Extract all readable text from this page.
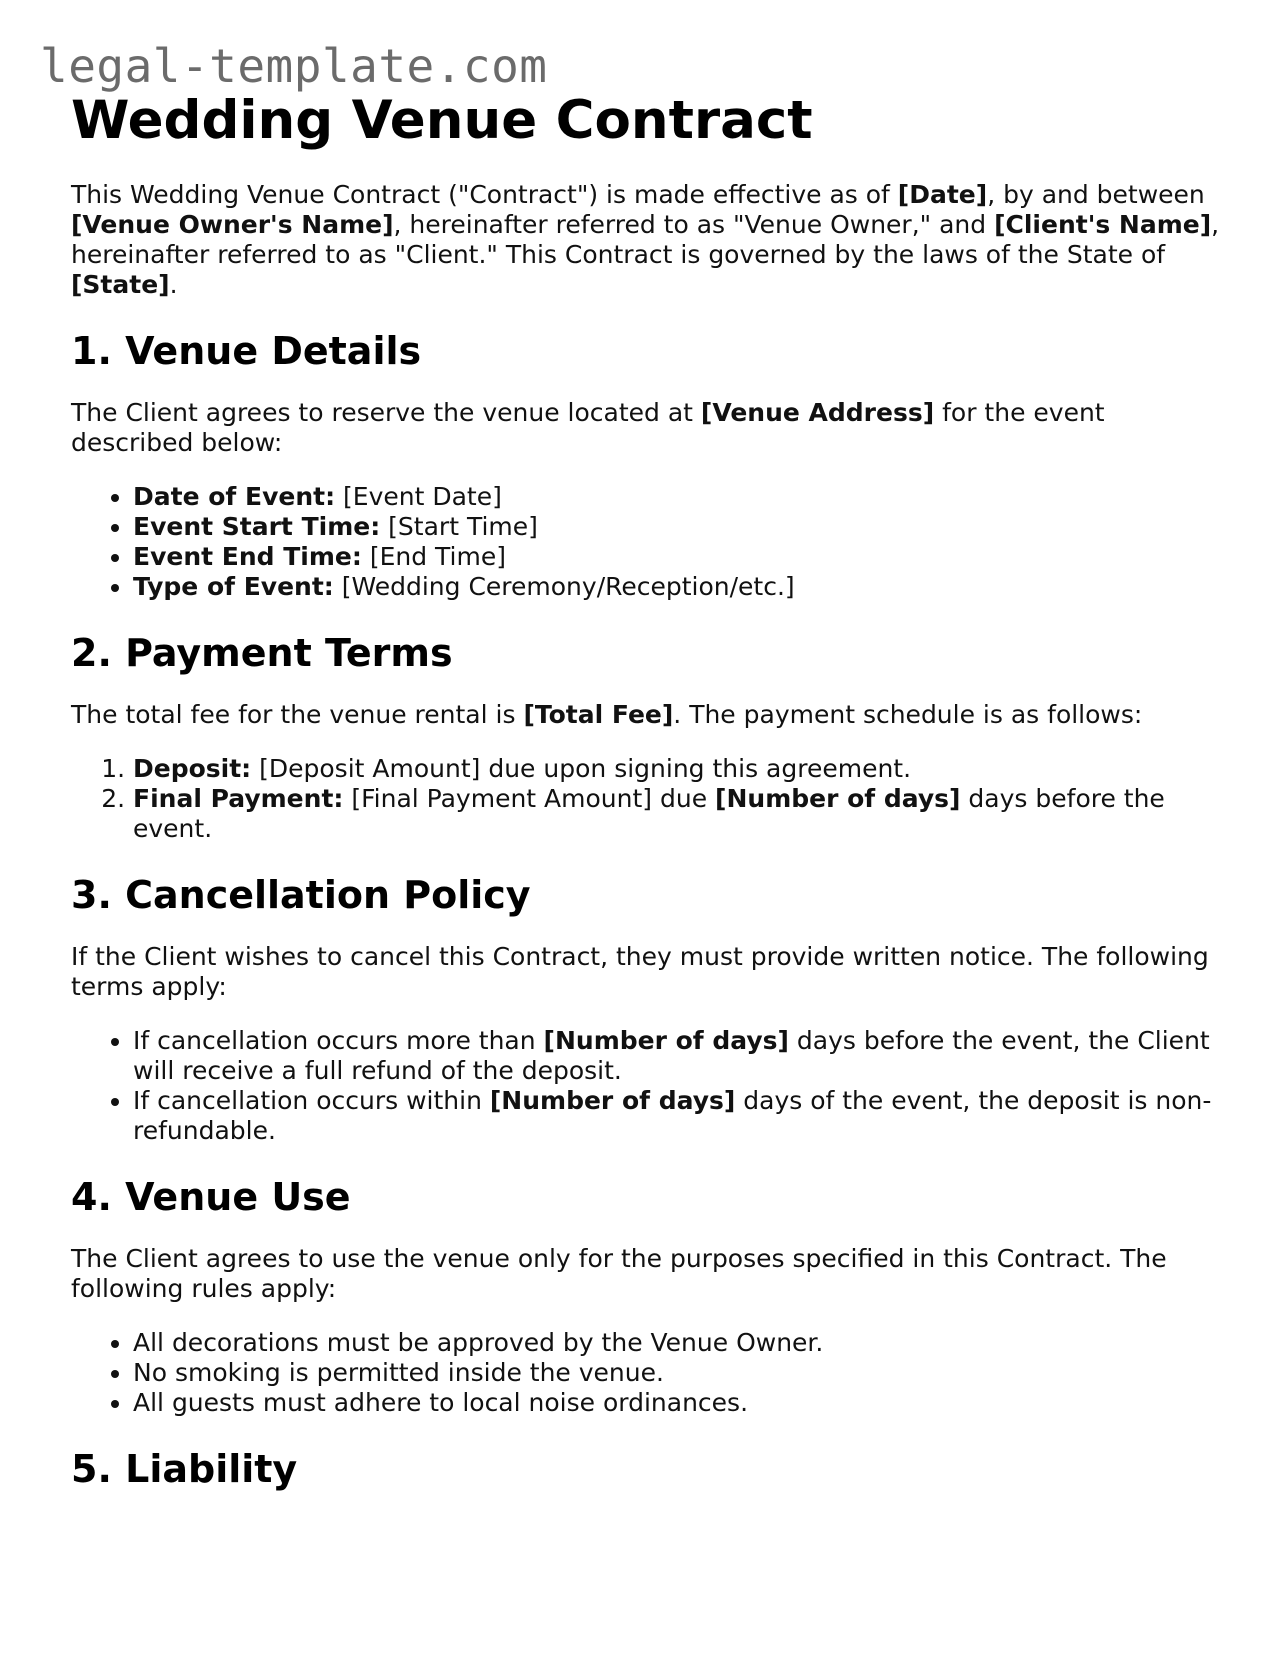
legal-template.com
Wedding Venue Contract

This Wedding Venue Contract ("Contract") is made effective as of [Date], by and between [Venue Owner's Name], hereinafter referred to as "Venue Owner," and [Client's Name], hereinafter referred to as "Client." This Contract is governed by the laws of the State of [State].

1. Venue Details

The Client agrees to reserve the venue located at [Venue Address] for the event described below:

• Date of Event: [Event Date]
• Event Start Time: [Start Time]
• Event End Time: [End Time]
• Type of Event: [Wedding Ceremony/Reception/etc.]
2. Payment Terms

The total fee for the venue rental is [Total Fee]. The payment schedule is as follows:

1. Deposit: [Deposit Amount] due upon signing this agreement.
2. Final Payment: [Final Payment Amount] due [Number of days] days before the event.
3. Cancellation Policy

If the Client wishes to cancel this Contract, they must provide written notice. The following terms apply:

• If cancellation occurs more than [Number of days] days before the event, the Client will receive a full refund of the deposit.
• If cancellation occurs within [Number of days] days of the event, the deposit is non-refundable.
4. Venue Use

The Client agrees to use the venue only for the purposes specified in this Contract. The following rules apply:

• All decorations must be approved by the Venue Owner.
• No smoking is permitted inside the venue.
• All guests must adhere to local noise ordinances.
5. Liability
